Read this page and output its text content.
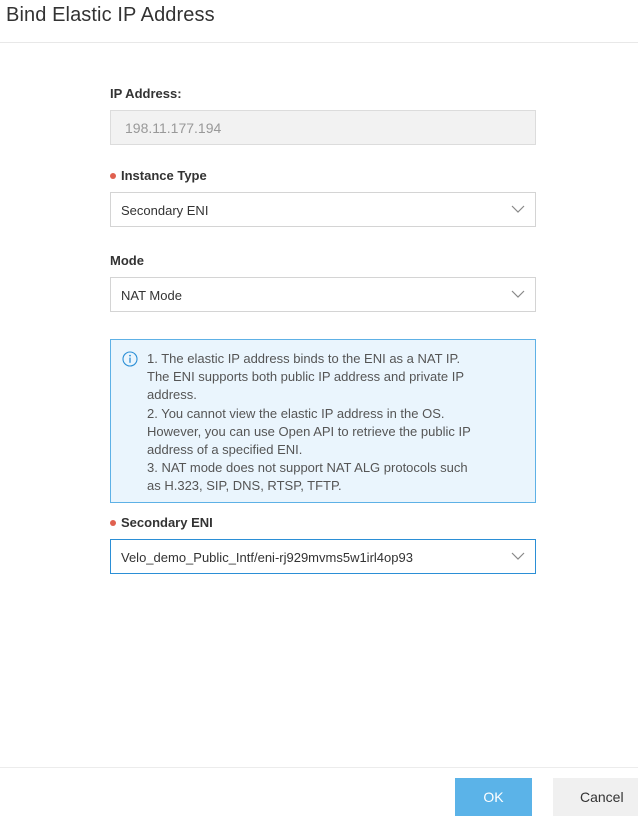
Bind Elastic IP Address
IP Address:
198.11.177.194
Instance Type
Secondary ENI
Mode
NAT Mode
1. The elastic IP address binds to the ENI as a NAT IP.
The ENI supports both public IP address and private IP
address.
2. You cannot view the elastic IP address in the OS.
However, you can use Open API to retrieve the public IP
address of a specified ENI.
3. NAT mode does not support NAT ALG protocols such
as H.323, SIP, DNS, RTSP, TFTP.
Secondary ENI
Velo_demo_Public_Intf/eni-rj929mvms5w1irl4op93
OK	Cancel
